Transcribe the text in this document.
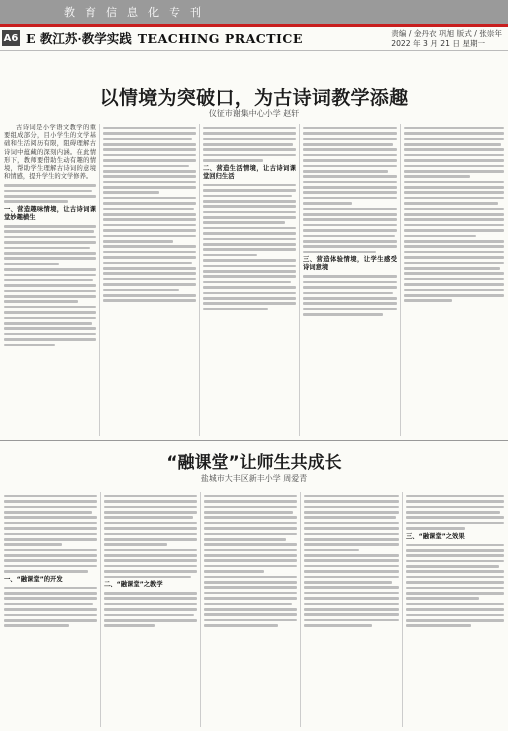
教育信息化专刊
A6 E 教江苏·教学实践 TEACHING PRACTICE	责编 / 金丹衣 巩旭 版式 / 张崇年
2022 年 3 月 21 日 星期一
以情境为突破口，为古诗词教学添趣
仪征市谢集中心小学 赵轩

古诗词是小学语文教学的重要组成部分，目小学生的文学基础和生活阅历有限，阻碍理解古诗词中蕴藏的深刻内涵。在此情形下，教师要借助生动有趣的情境，帮助学生理解古诗词的意境和情感，提升学生的文学修养。

一、营造趣味情境，让古诗词课堂妙趣横生

二、营造生活情境，让古诗词课堂回归生活

三、营造体验情境，让学生感受诗词意境

“融课堂”让师生共成长
盐城市大丰区新丰小学 周爱青

一、“融课堂”的开发

二、“融课堂”之教学

三、“融课堂”之效果
